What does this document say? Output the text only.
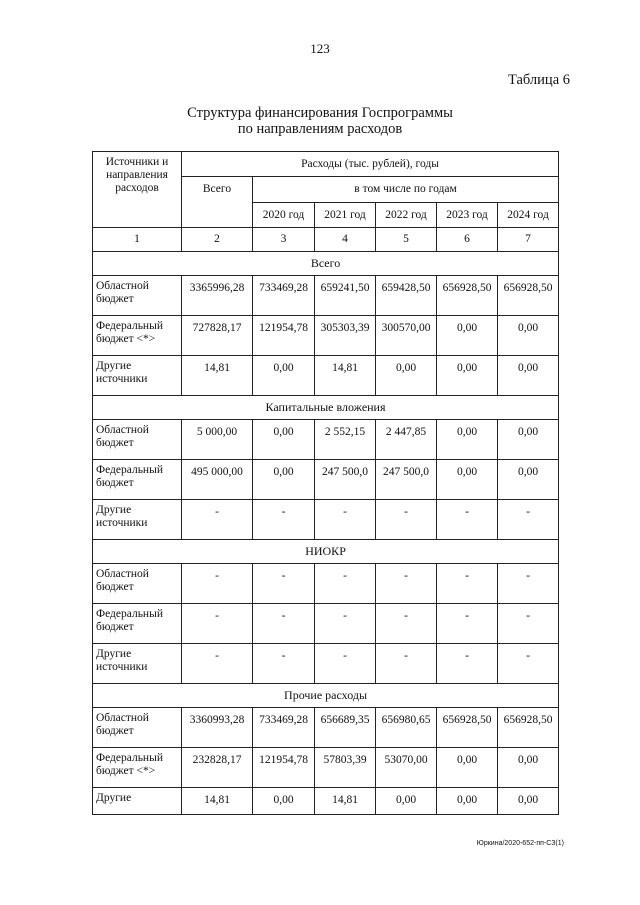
123
Таблица 6
Структура финансирования Госпрограммы
по направлениям расходов
Источники и направления расходов	Расходы (тыс. рублей), годы					
	Всего	в том числе по годам				
		2020 год	2021 год	2022 год	2023 год	2024 год
1	2	3	4	5	6	7
Всего						
Областной бюджет	3365996,28	733469,28	659241,50	659428,50	656928,50	656928,50
Федеральный бюджет <*>	727828,17	121954,78	305303,39	300570,00	0,00	0,00
Другие источники	14,81	0,00	14,81	0,00	0,00	0,00
Капитальные вложения						
Областной бюджет	5 000,00	0,00	2 552,15	2 447,85	0,00	0,00
Федеральный бюджет	495 000,00	0,00	247 500,0	247 500,0	0,00	0,00
Другие источники	-	-	-	-	-	-
НИОКР						
Областной бюджет	-	-	-	-	-	-
Федеральный бюджет	-	-	-	-	-	-
Другие источники	-	-	-	-	-	-
Прочие расходы						
Областной бюджет	3360993,28	733469,28	656689,35	656980,65	656928,50	656928,50
Федеральный бюджет <*>	232828,17	121954,78	57803,39	53070,00	0,00	0,00
Другие	14,81	0,00	14,81	0,00	0,00	0,00
Юркина/2020-652-пп-СЗ(1)
